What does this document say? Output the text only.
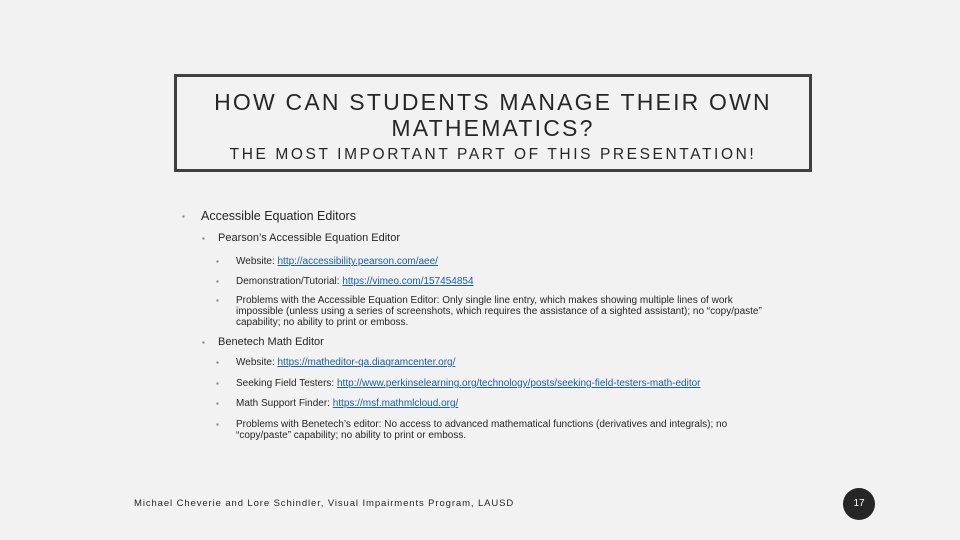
HOW CAN STUDENTS MANAGE THEIR OWN MATHEMATICS?
THE MOST IMPORTANT PART OF THIS PRESENTATION!
▪ Accessible Equation Editors
▪ Pearson’s Accessible Equation Editor
▪ Website: http://accessibility.pearson.com/aee/
▪ Demonstration/Tutorial: https://vimeo.com/157454854
▪ Problems with the Accessible Equation Editor: Only single line entry, which makes showing multiple lines of work impossible (unless using a series of screenshots, which requires the assistance of a sighted assistant); no “copy/paste” capability; no ability to print or emboss.
▪ Benetech Math Editor
▪ Website: https://matheditor-qa.diagramcenter.org/
▪ Seeking Field Testers: http://www.perkinselearning.org/technology/posts/seeking-field-testers-math-editor
▪ Math Support Finder: https://msf.mathmlcloud.org/
▪ Problems with Benetech’s editor: No access to advanced mathematical functions (derivatives and integrals); no “copy/paste” capability; no ability to print or emboss.
Michael Cheverie and Lore Schindler, Visual Impairments Program, LAUSD	17
